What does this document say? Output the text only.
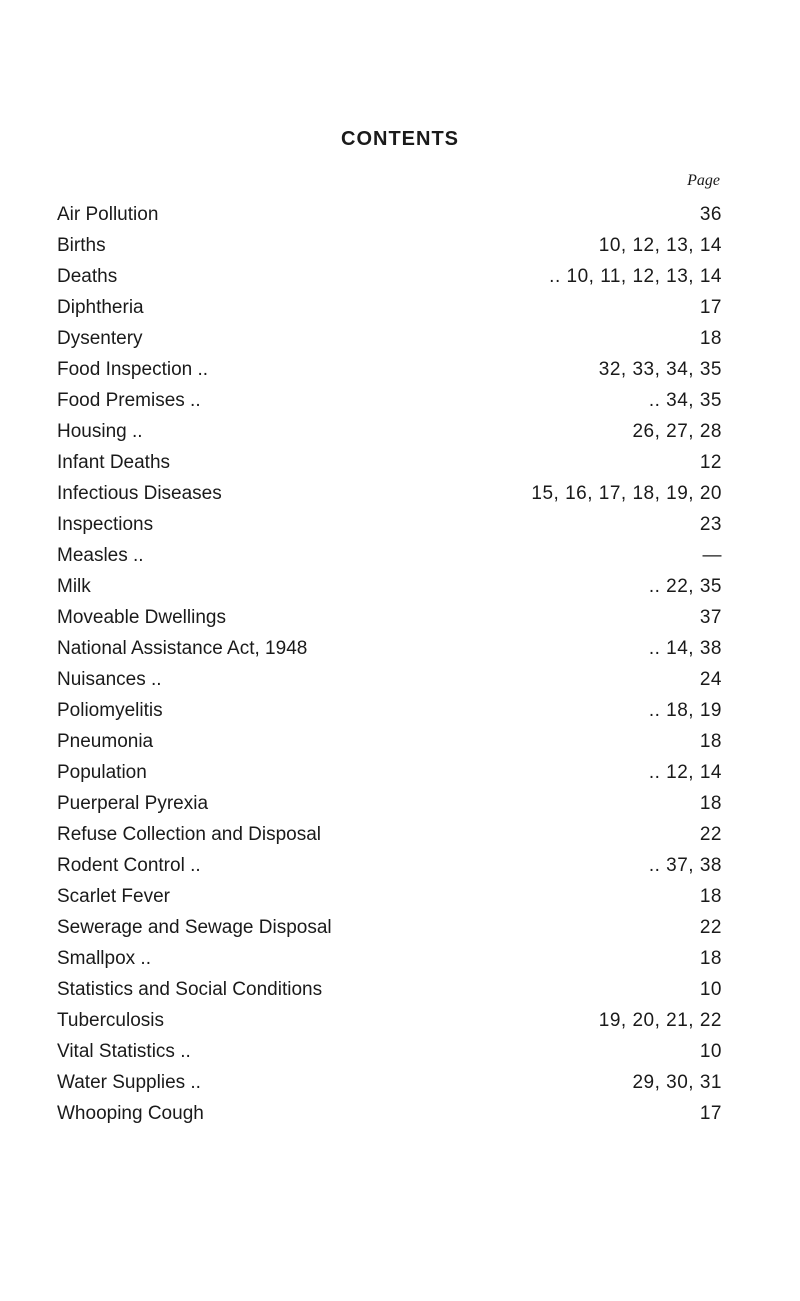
CONTENTS
Page
Air Pollution	36
Births	10, 12, 13, 14
Deaths	.. 10, 11, 12, 13, 14
Diphtheria	17
Dysentery	18
Food Inspection ..	32, 33, 34, 35
Food Premises ..	.. 34, 35
Housing ..	26, 27, 28
Infant Deaths	12
Infectious Diseases	15, 16, 17, 18, 19, 20
Inspections	23
Measles ..	—
Milk	.. 22, 35
Moveable Dwellings	37
National Assistance Act, 1948	.. 14, 38
Nuisances ..	24
Poliomyelitis	.. 18, 19
Pneumonia	18
Population	.. 12, 14
Puerperal Pyrexia	18
Refuse Collection and Disposal	22
Rodent Control ..	.. 37, 38
Scarlet Fever	18
Sewerage and Sewage Disposal	22
Smallpox ..	18
Statistics and Social Conditions	10
Tuberculosis	19, 20, 21, 22
Vital Statistics ..	10
Water Supplies ..	29, 30, 31
Whooping Cough	17
